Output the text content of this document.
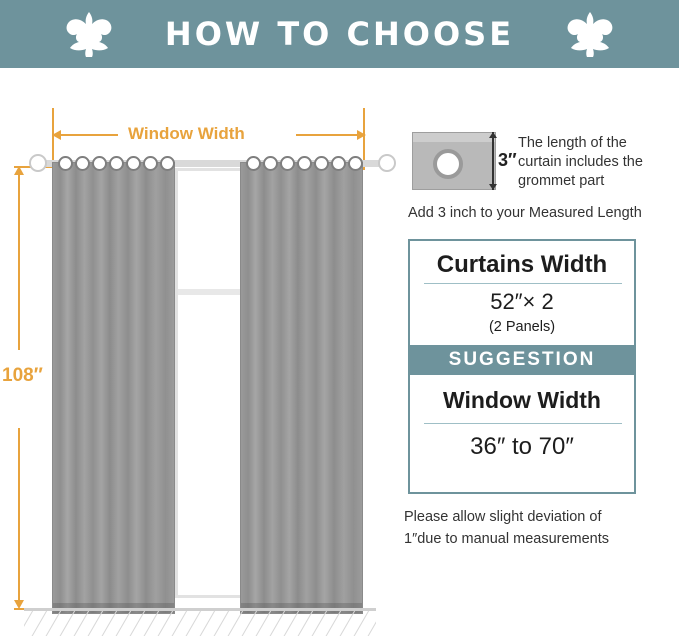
HOW TO CHOOSE
Window Width
108″
3″
The length of the curtain includes the grommet part
Add 3 inch to your Measured Length
Curtains Width
52″× 2
(2 Panels)
SUGGESTION
Window Width
36″ to 70″
Please allow slight deviation of
1″due to manual measurements
